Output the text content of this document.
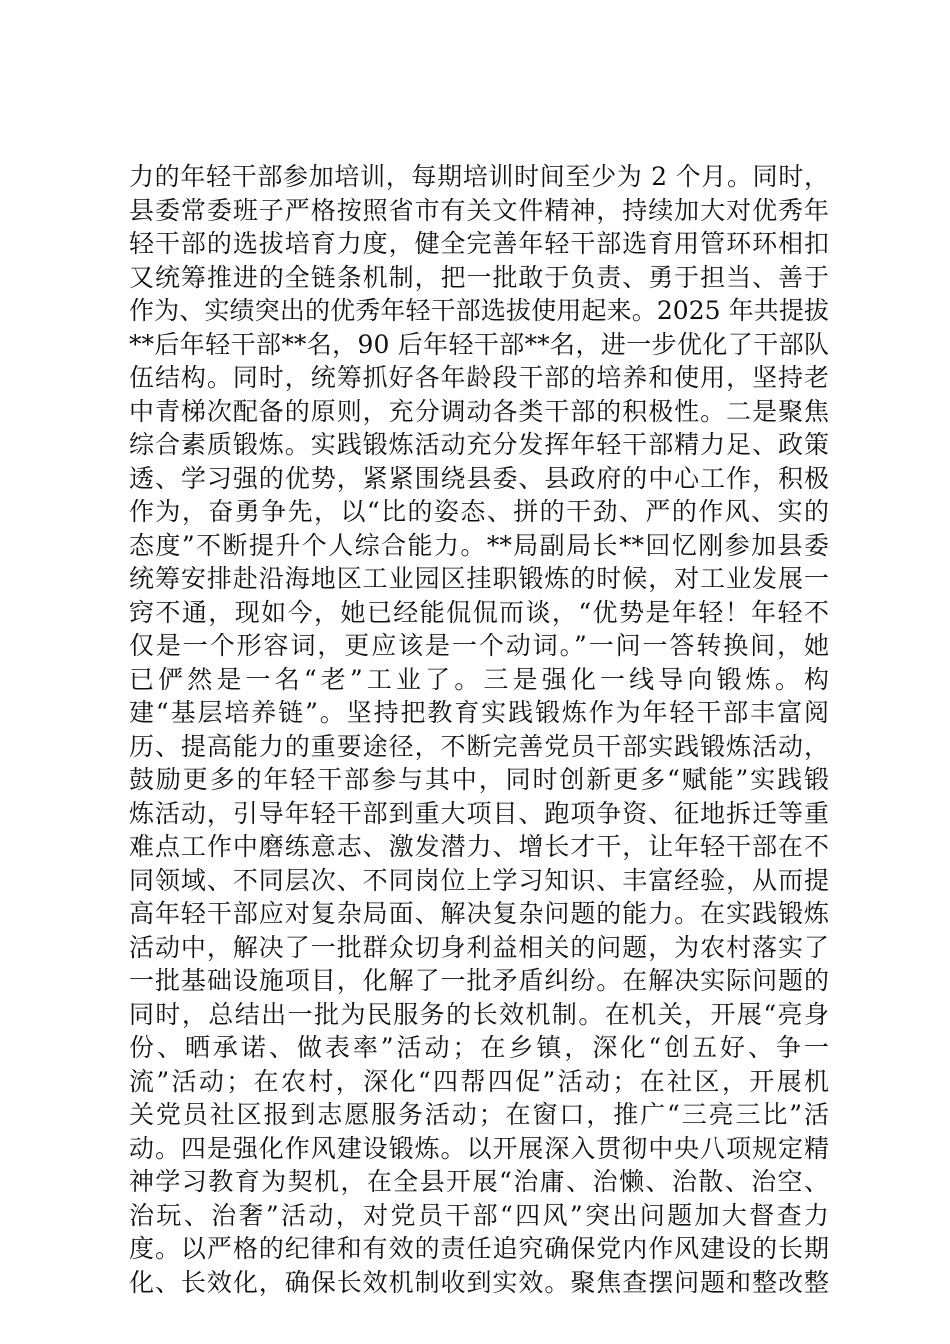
力的年轻干部参加培训，每期培训时间至少为 2 个月。同时，
县委常委班子严格按照省市有关文件精神，持续加大对优秀年
轻干部的选拔培育力度，健全完善年轻干部选育用管环环相扣
又统筹推进的全链条机制，把一批敢于负责、勇于担当、善于
作为、实绩突出的优秀年轻干部选拔使用起来。2025 年共提拔
**后年轻干部**名，90 后年轻干部**名，进一步优化了干部队
伍结构。同时，统筹抓好各年龄段干部的培养和使用，坚持老
中青梯次配备的原则，充分调动各类干部的积极性。二是聚焦
综合素质锻炼。实践锻炼活动充分发挥年轻干部精力足、政策
透、学习强的优势，紧紧围绕县委、县政府的中心工作，积极
作为，奋勇争先，以“比的姿态、拼的干劲、严的作风、实的
态度”不断提升个人综合能力。**局副局长**回忆刚参加县委
统筹安排赴沿海地区工业园区挂职锻炼的时候，对工业发展一
窍不通，现如今，她已经能侃侃而谈，“优势是年轻！年轻不
仅是一个形容词，更应该是一个动词。”一问一答转换间，她
已俨然是一名“老”工业了。三是强化一线导向锻炼。构
建“基层培养链”。坚持把教育实践锻炼作为年轻干部丰富阅
历、提高能力的重要途径，不断完善党员干部实践锻炼活动，
鼓励更多的年轻干部参与其中，同时创新更多“赋能”实践锻
炼活动，引导年轻干部到重大项目、跑项争资、征地拆迁等重
难点工作中磨练意志、激发潜力、增长才干，让年轻干部在不
同领域、不同层次、不同岗位上学习知识、丰富经验，从而提
高年轻干部应对复杂局面、解决复杂问题的能力。在实践锻炼
活动中，解决了一批群众切身利益相关的问题，为农村落实了
一批基础设施项目，化解了一批矛盾纠纷。在解决实际问题的
同时，总结出一批为民服务的长效机制。在机关，开展“亮身
份、晒承诺、做表率”活动；在乡镇，深化“创五好、争一
流”活动；在农村，深化“四帮四促”活动；在社区，开展机
关党员社区报到志愿服务活动；在窗口，推广“三亮三比”活
动。四是强化作风建设锻炼。以开展深入贯彻中央八项规定精
神学习教育为契机，在全县开展“治庸、治懒、治散、治空、
治玩、治奢”活动，对党员干部“四风”突出问题加大督查力
度。以严格的纪律和有效的责任追究确保党内作风建设的长期
化、长效化，确保长效机制收到实效。聚焦查摆问题和整改整
